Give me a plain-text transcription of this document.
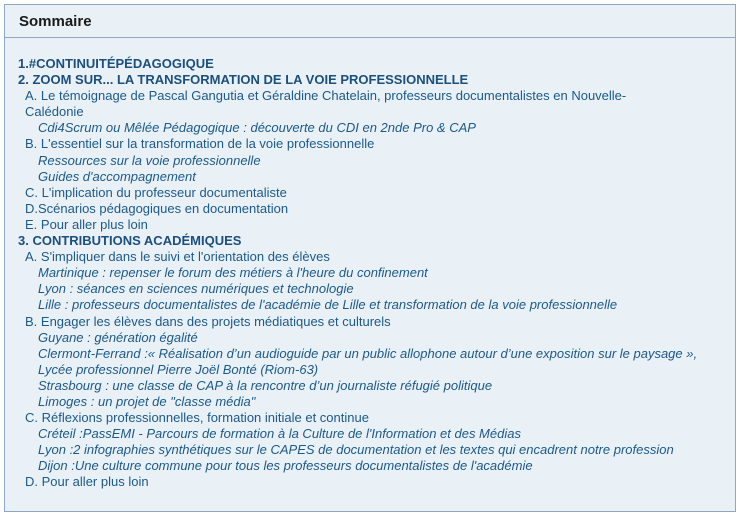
Sommaire
1.#CONTINUITÉPÉDAGOGIQUE
2. ZOOM SUR... LA TRANSFORMATION DE LA VOIE PROFESSIONNELLE
A. Le témoignage de Pascal Gangutia et Géraldine Chatelain, professeurs documentalistes en Nouvelle-Calédonie
Cdi4Scrum ou Mêlée Pédagogique : découverte du CDI en 2nde Pro & CAP
B. L'essentiel sur la transformation de la voie professionnelle
Ressources sur la voie professionnelle
Guides d'accompagnement
C. L'implication du professeur documentaliste
D.Scénarios pédagogiques en documentation
E. Pour aller plus loin
3. CONTRIBUTIONS ACADÉMIQUES
A. S'impliquer dans le suivi et l'orientation des élèves
Martinique : repenser le forum des métiers à l'heure du confinement
Lyon : séances en sciences numériques et technologie
Lille : professeurs documentalistes de l'académie de Lille et transformation de la voie professionnelle
B. Engager les élèves dans des projets médiatiques et culturels
Guyane : génération égalité
Clermont-Ferrand :« Réalisation d’un audioguide par un public allophone autour d’une exposition sur le paysage », Lycée professionnel Pierre Joël Bonté (Riom-63)
Strasbourg : une classe de CAP à la rencontre d’un journaliste réfugié politique
Limoges : un projet de "classe média"
C. Réflexions professionnelles, formation initiale et continue
Créteil :PassEMI - Parcours de formation à la Culture de l'Information et des Médias
Lyon :2 infographies synthétiques sur le CAPES de documentation et les textes qui encadrent notre profession
Dijon :Une culture commune pour tous les professeurs documentalistes de l'académie
D. Pour aller plus loin
